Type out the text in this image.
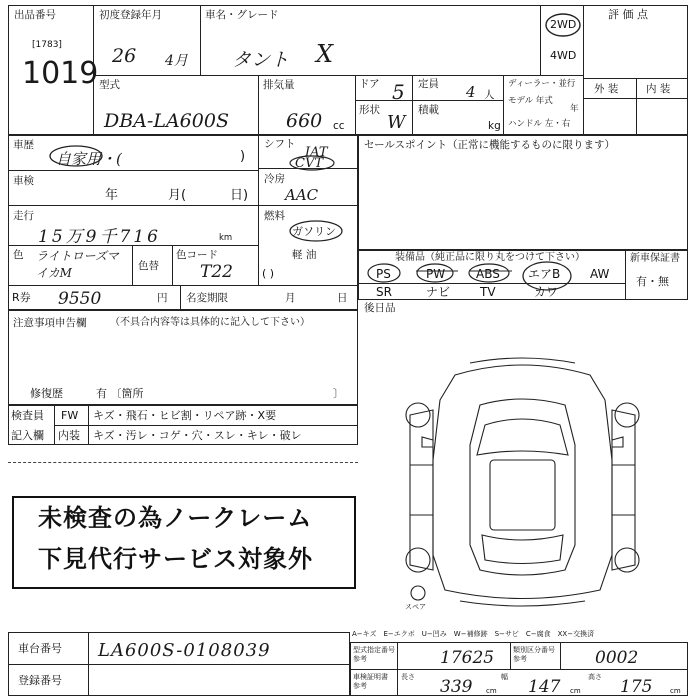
出品番号
[1783]
1019
初度登録年月
26 4月
車名・グレード
タント X
2WD
4WD
評 価 点
型式
DBA-LA600S
排気量
660 cc
ドア 5 定員 4 人
形状
W
積載
kg
ディーラー・並行
モデル 年式
年
ハンドル 左・右
外 装	内 装
車歴
自家用・(	)
車検
年	月(	日)
走行
15万9千716	km
色 ライトローズマイカM	色替
色コード
T22
シフト
IAT
CVT
冷房
AAC
燃料
ガソリン
軽 油
( )
R券 9550	円 名変期限	月	日
セールスポイント（正常に機能するものに限ります）
装備品（純正品に限り丸をつけて下さい）	新車保証書
有・無
PS	PW	ABS エアB AW
SR	ナビ TV	カワ
後日品
注意事項申告欄 （不具合内容等は具体的に記入して下さい）
修復歴	有 〔箇所	〕
検査員
記入欄
FW キズ・飛石・ヒビ割・リペア跡・X要
内装 キズ・汚レ・コゲ・穴・スレ・キレ・破レ
未検査の為ノークレーム
下見代行サービス対象外
スペア
車台番号 LA600S-0108039
登録番号
A−キズ　E−エクボ　U−凹み　W−補修跡　S−サビ　C−腐食　XX−交換済
型式指定番号 参考	17625	類別区分番号 参考	0002
車検証明書 参考
長さ 339 cm
幅 147 cm
高さ 175	cm
